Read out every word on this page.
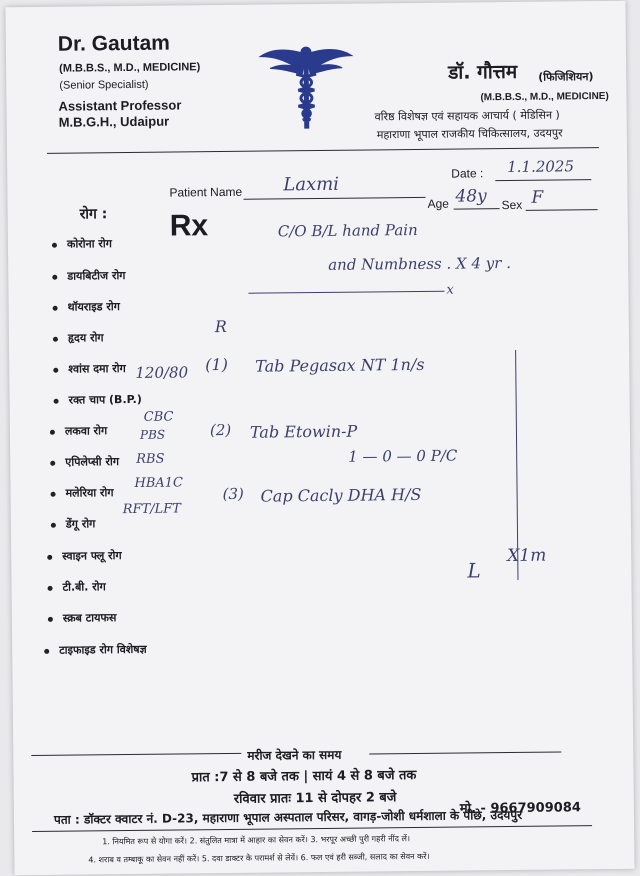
Dr. Gautam
(M.B.B.S., M.D., MEDICINE)
(Senior Specialist)
Assistant Professor
M.B.G.H., Udaipur
डॉ. गौत्तम (फिजिशियन)
(M.B.B.S., M.D., MEDICINE)
वरिष्ठ विशेषज्ञ एवं सहायक आचार्य ( मेडिसिन )
महाराणा भूपाल राजकीय चिकित्सालय, उदयपुर
Date : 1.1.2025
Patient Name Laxmi
Age 48y Sex F
रोग : Rx
कोरोना रोग
डायबिटीज रोग
थॉयराइड रोग
हृदय रोग
श्वांस दमा रोग
रक्त चाप (B.P.)
लकवा रोग
एपिलेप्सी रोग
मलेरिया रोग
डेंगू रोग
स्वाइन फ्लू रोग
टी.बी. रोग
स्क्रब टायफस
टाइफाइड रोग विशेषज्ञ
C/O B/L hand Pain
and Numbness . X 4 yr .
x
R
120/80 (1) Tab Pegasax NT 1n/s
CBC
PBS
RBS
HBA1C
RFT/LFT
(2) Tab Etowin-P
1 — 0 — 0 P/C
(3) Cap Cacly DHA H/S
L
X1m
मरीज देखने का समय
प्रात :7 से 8 बजे तक | सायं 4 से 8 बजे तक
रविवार प्रातः 11 से दोपहर 2 बजे
मो. - 9667909084
पता : डॉक्टर क्वाटर नं. D-23, महाराणा भूपाल अस्पताल परिसर, वागड़-जोशी धर्मशाला के पीछे, उदयपुर
1. नियमित रूप से योगा करें। 2. संतुलित मात्रा में आहार का सेवन करें। 3. भरपूर अच्छी पुरी गहरी नींद लें।
4. शराब व तम्बाकू का सेवन नहीं करें। 5. दवा डाक्टर के परामर्श से लेवें। 6. फल एवं हरी सब्जी, सलाद का सेवन करें।
